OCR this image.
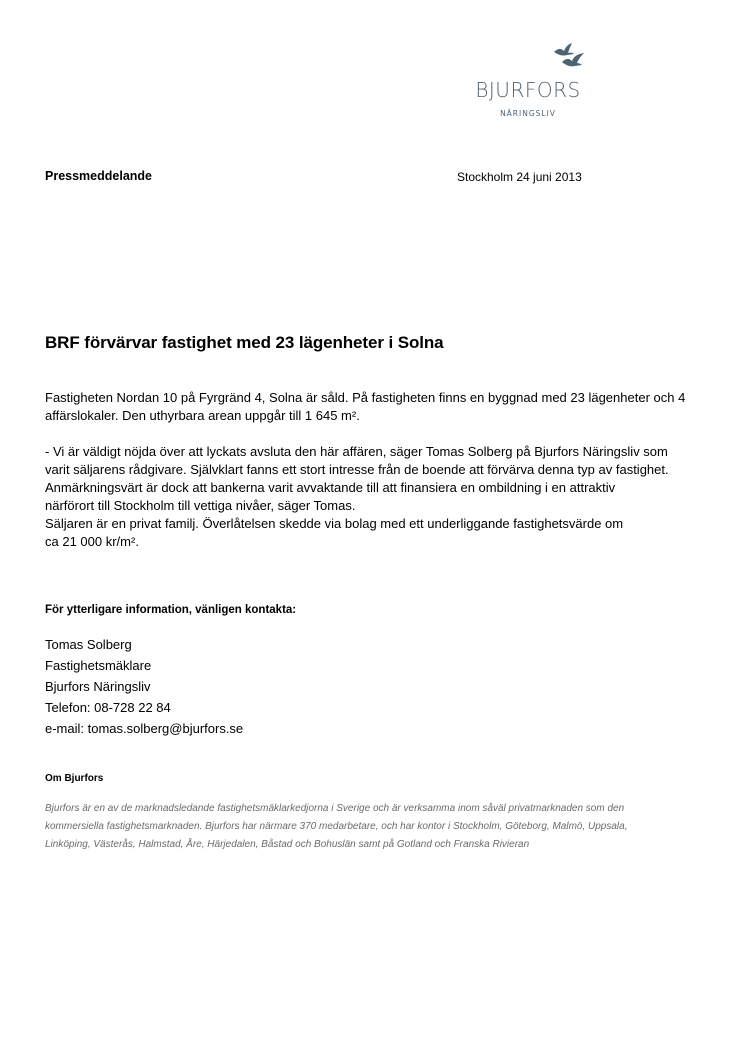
BJURFORS
NÄRINGSLIV
Pressmeddelande	Stockholm 24 juni 2013
BRF förvärvar fastighet med 23 lägenheter i Solna
Fastigheten Nordan 10 på Fyrgränd 4, Solna är såld. På fastigheten finns en byggnad med 23 lägenheter och 4
affärslokaler. Den uthyrbara arean uppgår till 1 645 m².
- Vi är väldigt nöjda över att lyckats avsluta den här affären, säger Tomas Solberg på Bjurfors Näringsliv som
varit säljarens rådgivare. Självklart fanns ett stort intresse från de boende att förvärva denna typ av fastighet.
Anmärkningsvärt är dock att bankerna varit avvaktande till att finansiera en ombildning i en attraktiv
närförort till Stockholm till vettiga nivåer, säger Tomas.
Säljaren är en privat familj. Överlåtelsen skedde via bolag med ett underliggande fastighetsvärde om
ca 21 000 kr/m².
För ytterligare information, vänligen kontakta:
Tomas Solberg
Fastighetsmäklare
Bjurfors Näringsliv
Telefon: 08-728 22 84
e-mail: tomas.solberg@bjurfors.se
Om Bjurfors
Bjurfors är en av de marknadsledande fastighetsmäklarkedjorna i Sverige och är verksamma inom såväl privatmarknaden som den
kommersiella fastighetsmarknaden. Bjurfors har närmare 370 medarbetare, och har kontor i Stockholm, Göteborg, Malmö, Uppsala,
Linköping, Västerås, Halmstad, Åre, Härjedalen, Båstad och Bohuslän samt på Gotland och Franska Rivieran
